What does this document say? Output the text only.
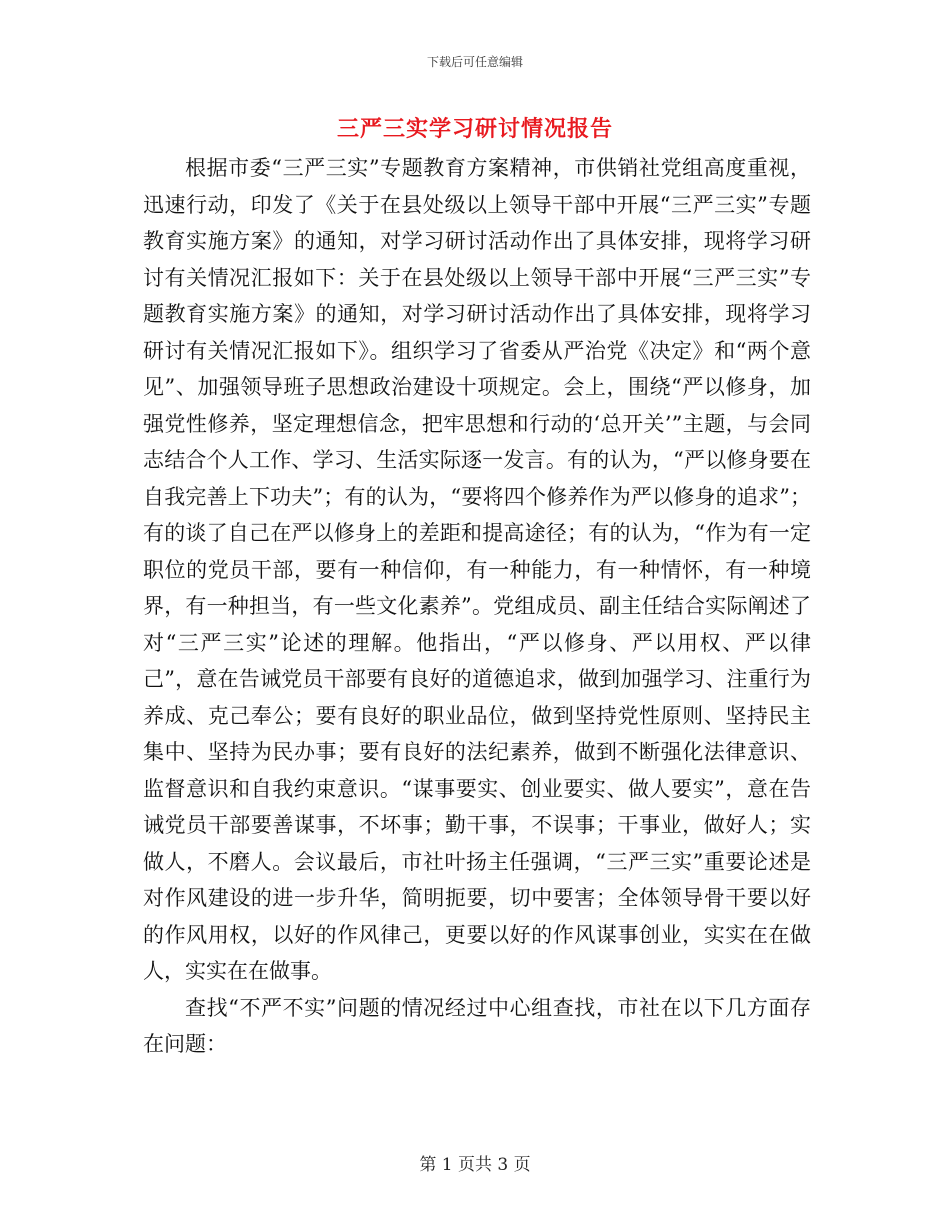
下载后可任意编辑
三严三实学习研讨情况报告

根据市委“三严三实”专题教育方案精神，市供销社党组高度重视，迅速行动，印发了《关于在县处级以上领导干部中开展“三严三实”专题教育实施方案》的通知，对学习研讨活动作出了具体安排，现将学习研讨有关情况汇报如下：关于在县处级以上领导干部中开展“三严三实”专题教育实施方案》的通知，对学习研讨活动作出了具体安排，现将学习研讨有关情况汇报如下》。组织学习了省委从严治党《决定》和“两个意见”、加强领导班子思想政治建设十项规定。会上，围绕“严以修身，加强党性修养，坚定理想信念，把牢思想和行动的‘总开关’”主题，与会同志结合个人工作、学习、生活实际逐一发言。有的认为，“严以修身要在自我完善上下功夫”；有的认为，“要将四个修养作为严以修身的追求”；有的谈了自己在严以修身上的差距和提高途径；有的认为，“作为有一定职位的党员干部，要有一种信仰，有一种能力，有一种情怀，有一种境界，有一种担当，有一些文化素养”。党组成员、副主任结合实际阐述了对“三严三实”论述的理解。他指出，“严以修身、严以用权、严以律己”，意在告诫党员干部要有良好的道德追求，做到加强学习、注重行为养成、克己奉公；要有良好的职业品位，做到坚持党性原则、坚持民主集中、坚持为民办事；要有良好的法纪素养，做到不断强化法律意识、监督意识和自我约束意识。“谋事要实、创业要实、做人要实”，意在告诫党员干部要善谋事，不坏事；勤干事，不误事；干事业，做好人；实做人，不磨人。会议最后，市社叶扬主任强调，“三严三实”重要论述是对作风建设的进一步升华，简明扼要，切中要害；全体领导骨干要以好的作风用权，以好的作风律己，更要以好的作风谋事创业，实实在在做人，实实在在做事。

查找“不严不实”问题的情况经过中心组查找，市社在以下几方面存在问题：

第 1 页共 3 页
